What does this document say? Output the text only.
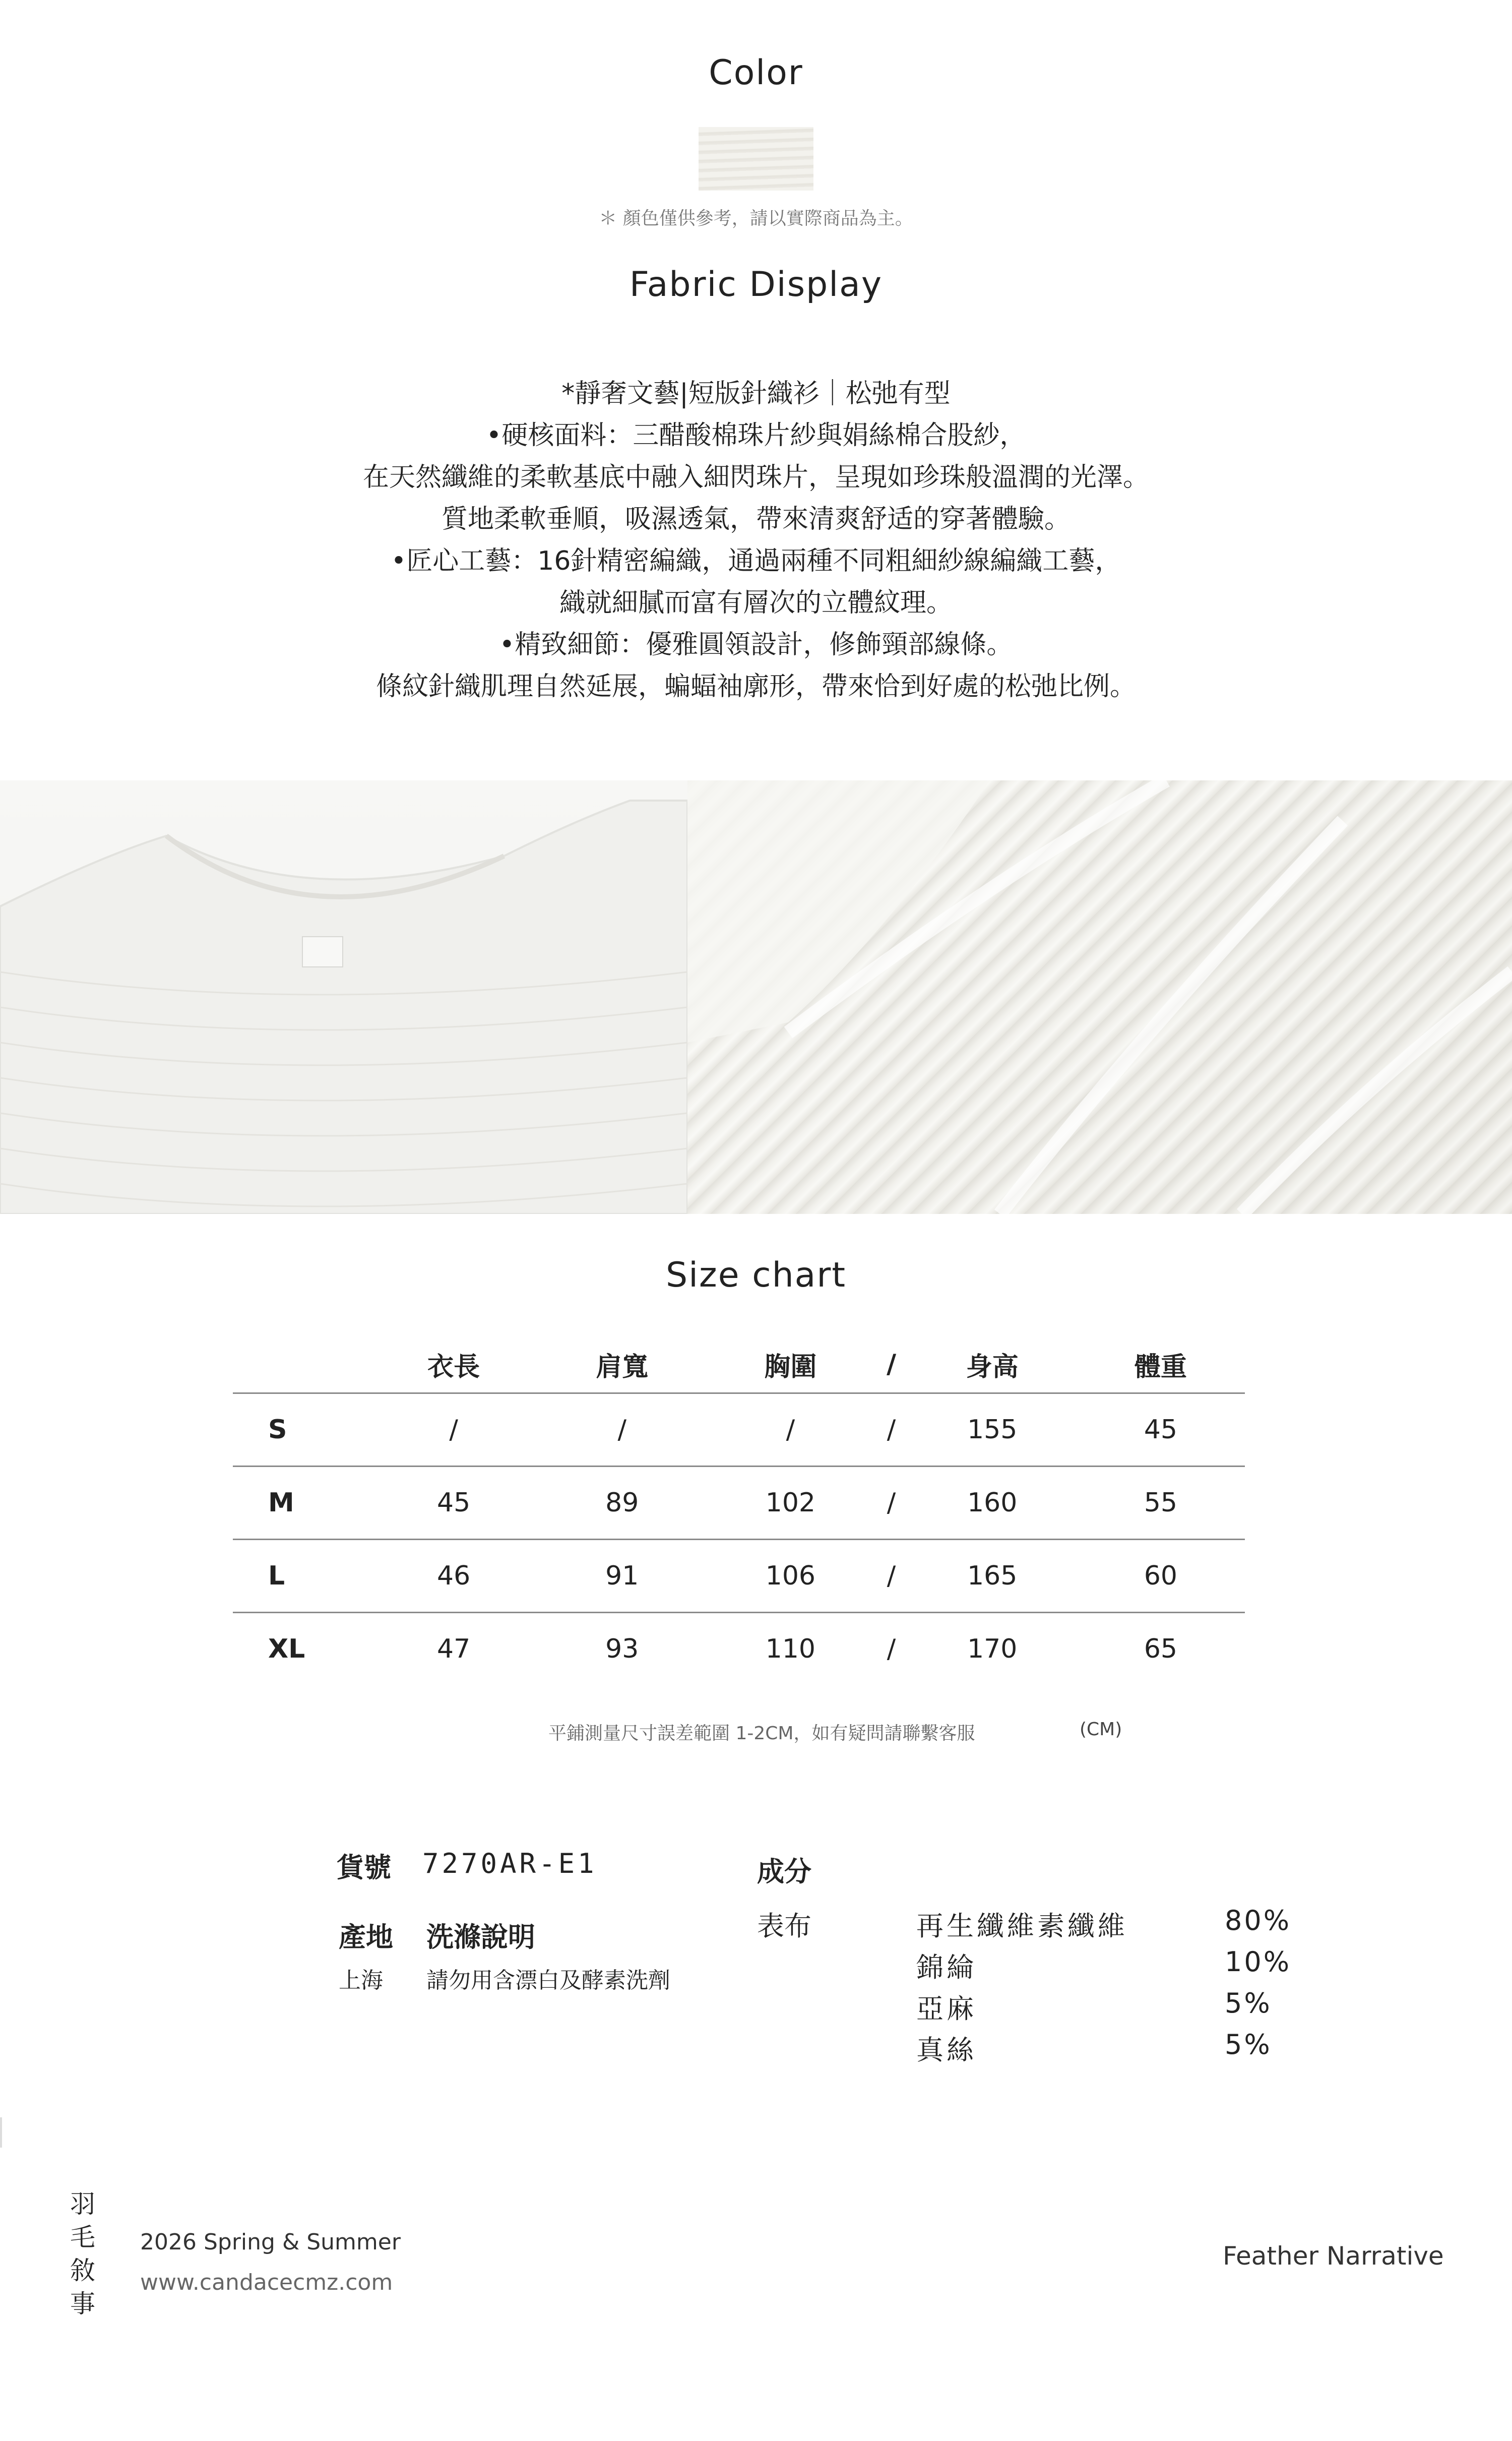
Color
＊ 顏色僅供參考，請以實際商品為主。
Fabric Display
*靜奢文藝|短版針織衫｜松弛有型
•硬核面料：三醋酸棉珠片紗與娟絲棉合股紗，
在天然纖維的柔軟基底中融入細閃珠片，呈現如珍珠般溫潤的光澤。
質地柔軟垂順，吸濕透氣，帶來清爽舒适的穿著體驗。
•匠心工藝：16針精密編織，通過兩種不同粗細紗線編織工藝，
織就細膩而富有層次的立體紋理。
•精致細節：優雅圓領設計，修飾頸部線條。
條紋針織肌理自然延展，蝙蝠袖廓形，帶來恰到好處的松弛比例。
Size chart
	衣長	肩寬	胸圍	/	身高	體重
S	/	/	/	/	155	45
M	45	89	102	/	160	55
L	46	91	106	/	165	60
XL	47	93	110	/	170	65
平鋪測量尺寸誤差範圍 1-2CM，如有疑問請聯繫客服	(CM)
貨號 7270AR-E1
產地 洗滌說明
上海 請勿用含漂白及酵素洗劑
成分
表布	再生纖維素纖維	80%
錦綸	10%
亞麻	5%
真絲	5%
羽毛敘事 2026 Spring & Summer
www.candacecmz.com
Feather Narrative
